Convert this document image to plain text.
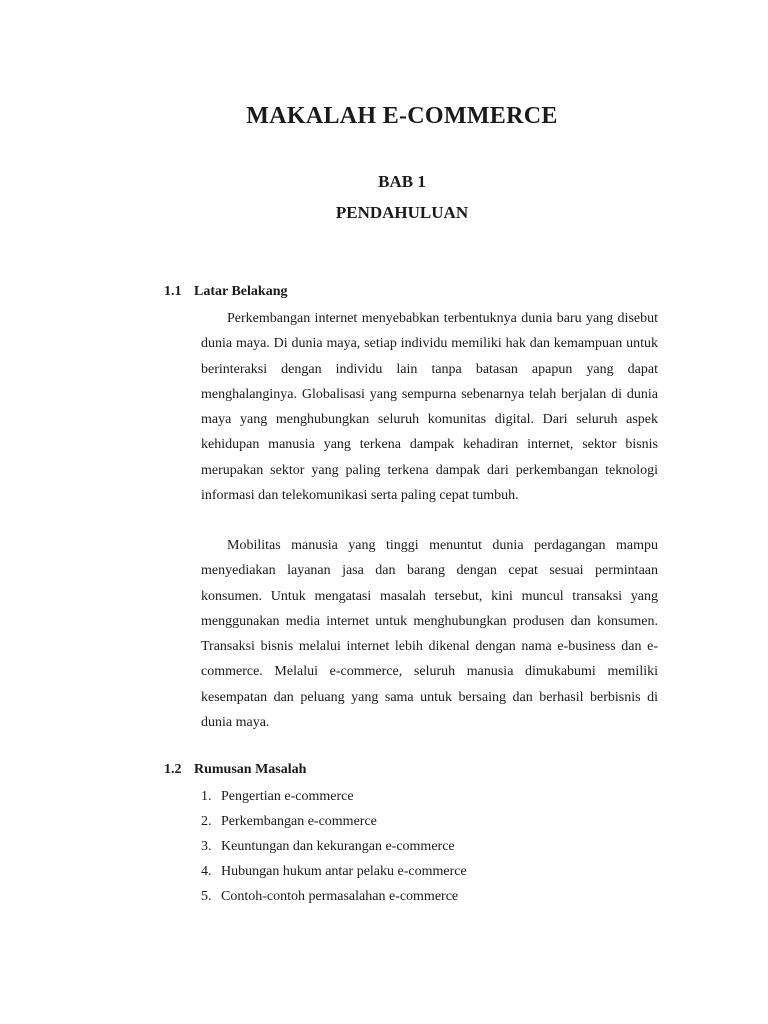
MAKALAH E-COMMERCE
BAB 1
PENDAHULUAN
1.1 Latar Belakang

Perkembangan internet menyebabkan terbentuknya dunia baru yang disebut dunia maya. Di dunia maya, setiap individu memiliki hak dan kemampuan untuk berinteraksi dengan individu lain tanpa batasan apapun yang dapat menghalanginya. Globalisasi yang sempurna sebenarnya telah berjalan di dunia maya yang menghubungkan seluruh komunitas digital. Dari seluruh aspek kehidupan manusia yang terkena dampak kehadiran internet, sektor bisnis merupakan sektor yang paling terkena dampak dari perkembangan teknologi informasi dan telekomunikasi serta paling cepat tumbuh.

Mobilitas manusia yang tinggi menuntut dunia perdagangan mampu menyediakan layanan jasa dan barang dengan cepat sesuai permintaan konsumen. Untuk mengatasi masalah tersebut, kini muncul transaksi yang menggunakan media internet untuk menghubungkan produsen dan konsumen. Transaksi bisnis melalui internet lebih dikenal dengan nama e-business dan e-commerce. Melalui e-commerce, seluruh manusia dimukabumi memiliki kesempatan dan peluang yang sama untuk bersaing dan berhasil berbisnis di dunia maya.

1.2 Rumusan Masalah
1. Pengertian e-commerce
2. Perkembangan e-commerce
3. Keuntungan dan kekurangan e-commerce
4. Hubungan hukum antar pelaku e-commerce
5. Contoh-contoh permasalahan e-commerce
